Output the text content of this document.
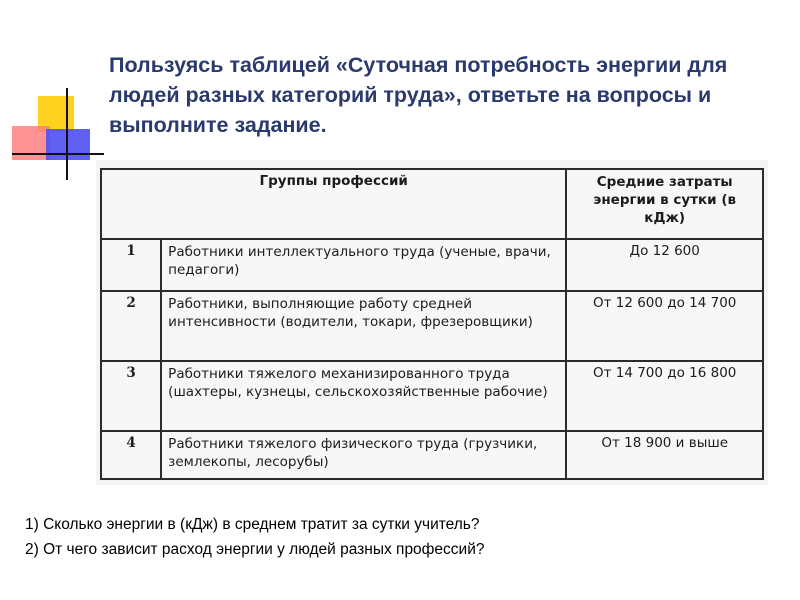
Пользуясь таблицей «Суточная потребность энергии для людей разных категорий труда», ответьте на вопросы и выполните задание.
Группы профессий		Средние затраты энергии в сутки (в кДж)
1	Работники интеллектуального труда (ученые, врачи, педагоги)	До 12 600
2	Работники, выполняющие работу средней интенсивности (водители, токари, фрезеровщики)	От 12 600 до 14 700
3	Работники тяжелого механизированного труда (шахтеры, кузнецы, сельскохозяйственные рабочие)	От 14 700 до 16 800
4	Работники тяжелого физического труда (грузчики, землекопы, лесорубы)	От 18 900 и выше

1) Сколько энергии в (кДж) в среднем тратит за сутки учитель?

2) От чего зависит расход энергии у людей разных профессий?
